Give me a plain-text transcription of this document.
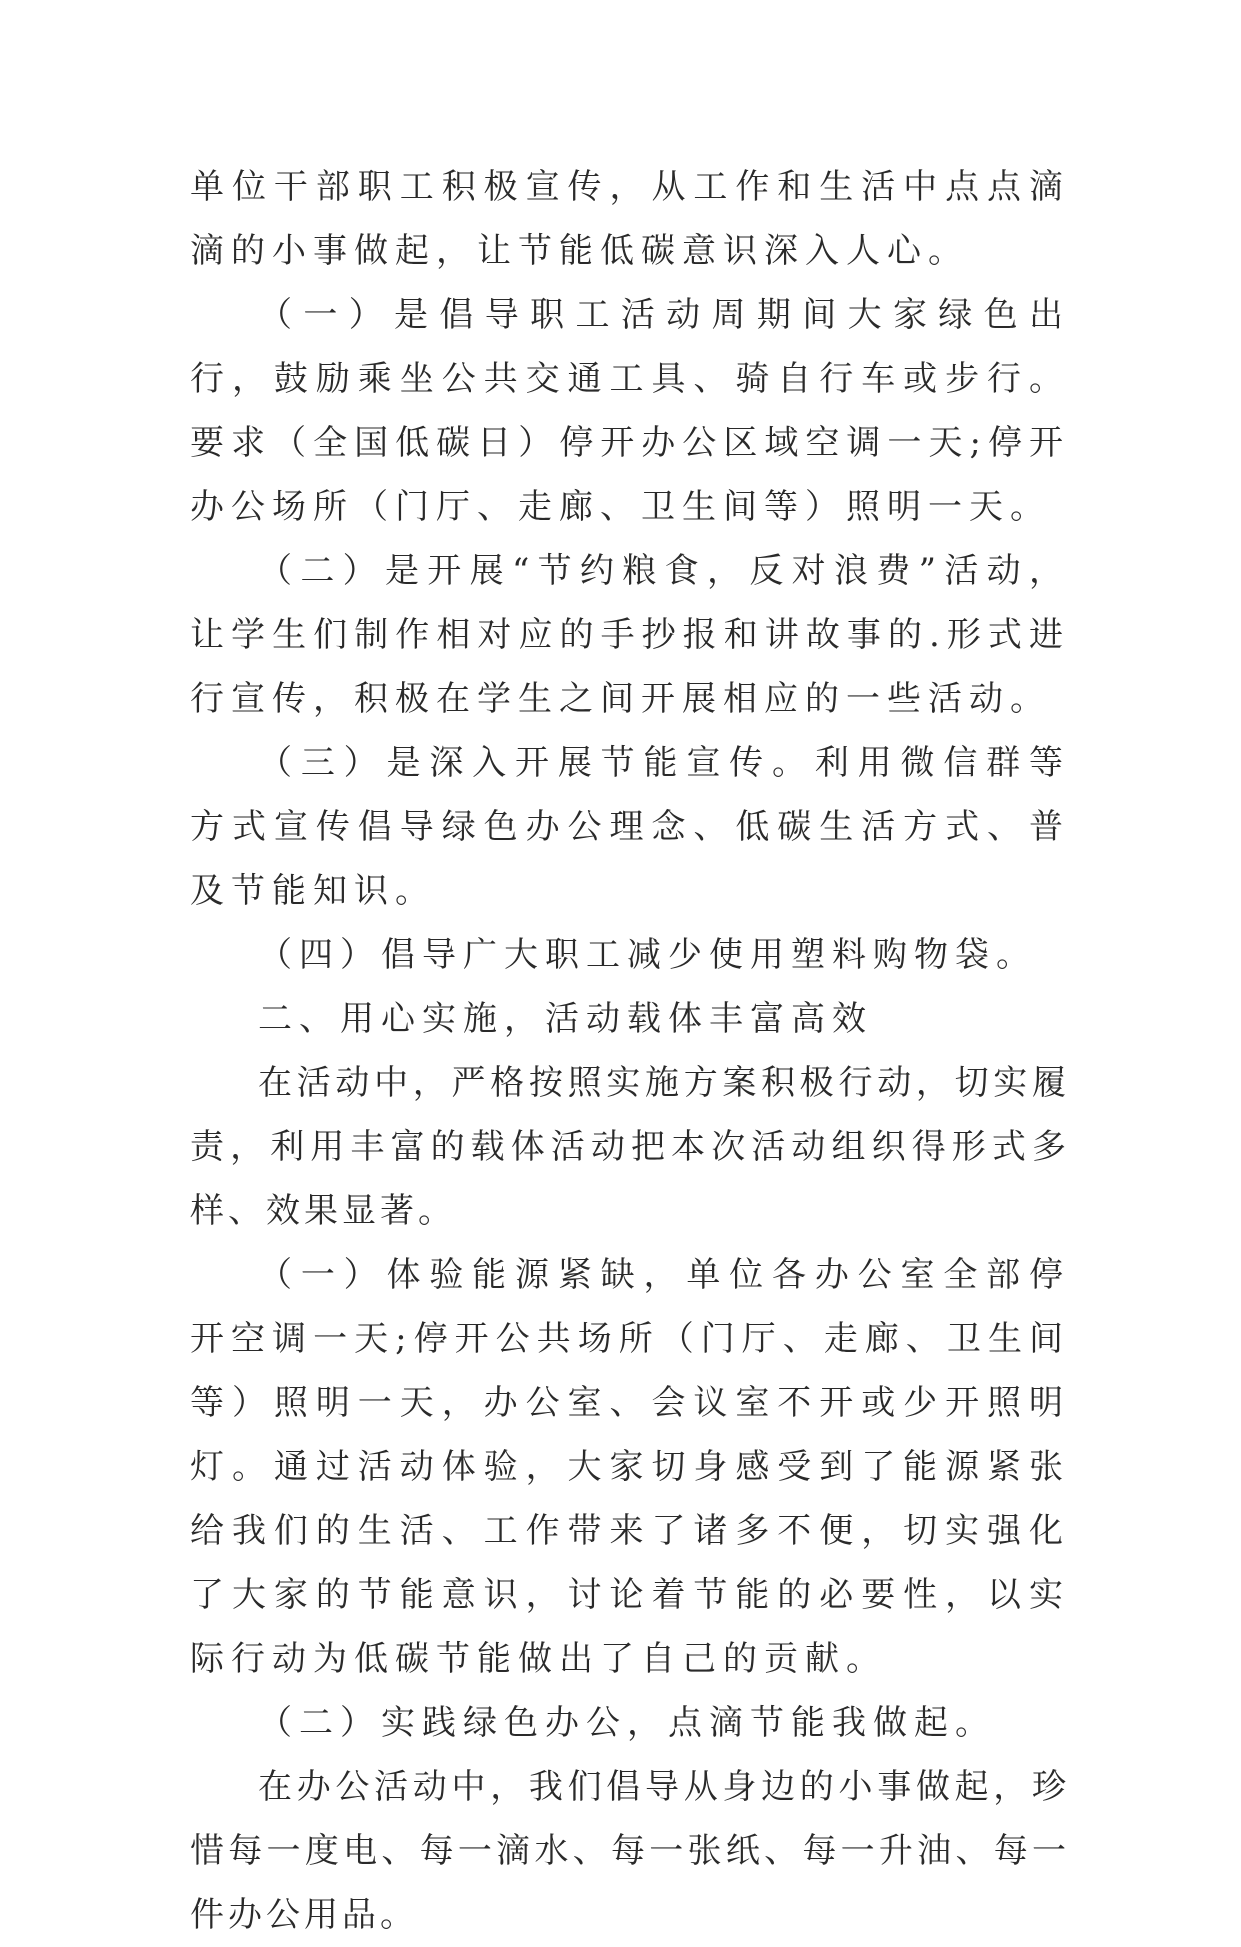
单位干部职工积极宣传，从工作和生活中点点滴滴的小事做起，让节能低碳意识深入人心。

（一）是倡导职工活动周期间大家绿色出行，鼓励乘坐公共交通工具、骑自行车或步行。要求（全国低碳日）停开办公区域空调一天;停开办公场所（门厅、走廊、卫生间等）照明一天。

（二）是开展“节约粮食，反对浪费”活动，让学生们制作相对应的手抄报和讲故事的.形式进行宣传，积极在学生之间开展相应的一些活动。

（三）是深入开展节能宣传。利用微信群等方式宣传倡导绿色办公理念、低碳生活方式、普及节能知识。

（四）倡导广大职工减少使用塑料购物袋。

二、用心实施，活动载体丰富高效

在活动中，严格按照实施方案积极行动，切实履责，利用丰富的载体活动把本次活动组织得形式多样、效果显著。

（一）体验能源紧缺，单位各办公室全部停开空调一天;停开公共场所（门厅、走廊、卫生间等）照明一天，办公室、会议室不开或少开照明灯。通过活动体验，大家切身感受到了能源紧张给我们的生活、工作带来了诸多不便，切实强化了大家的节能意识，讨论着节能的必要性，以实际行动为低碳节能做出了自己的贡献。

（二）实践绿色办公，点滴节能我做起。

在办公活动中，我们倡导从身边的小事做起，珍惜每一度电、每一滴水、每一张纸、每一升油、每一件办公用品。
